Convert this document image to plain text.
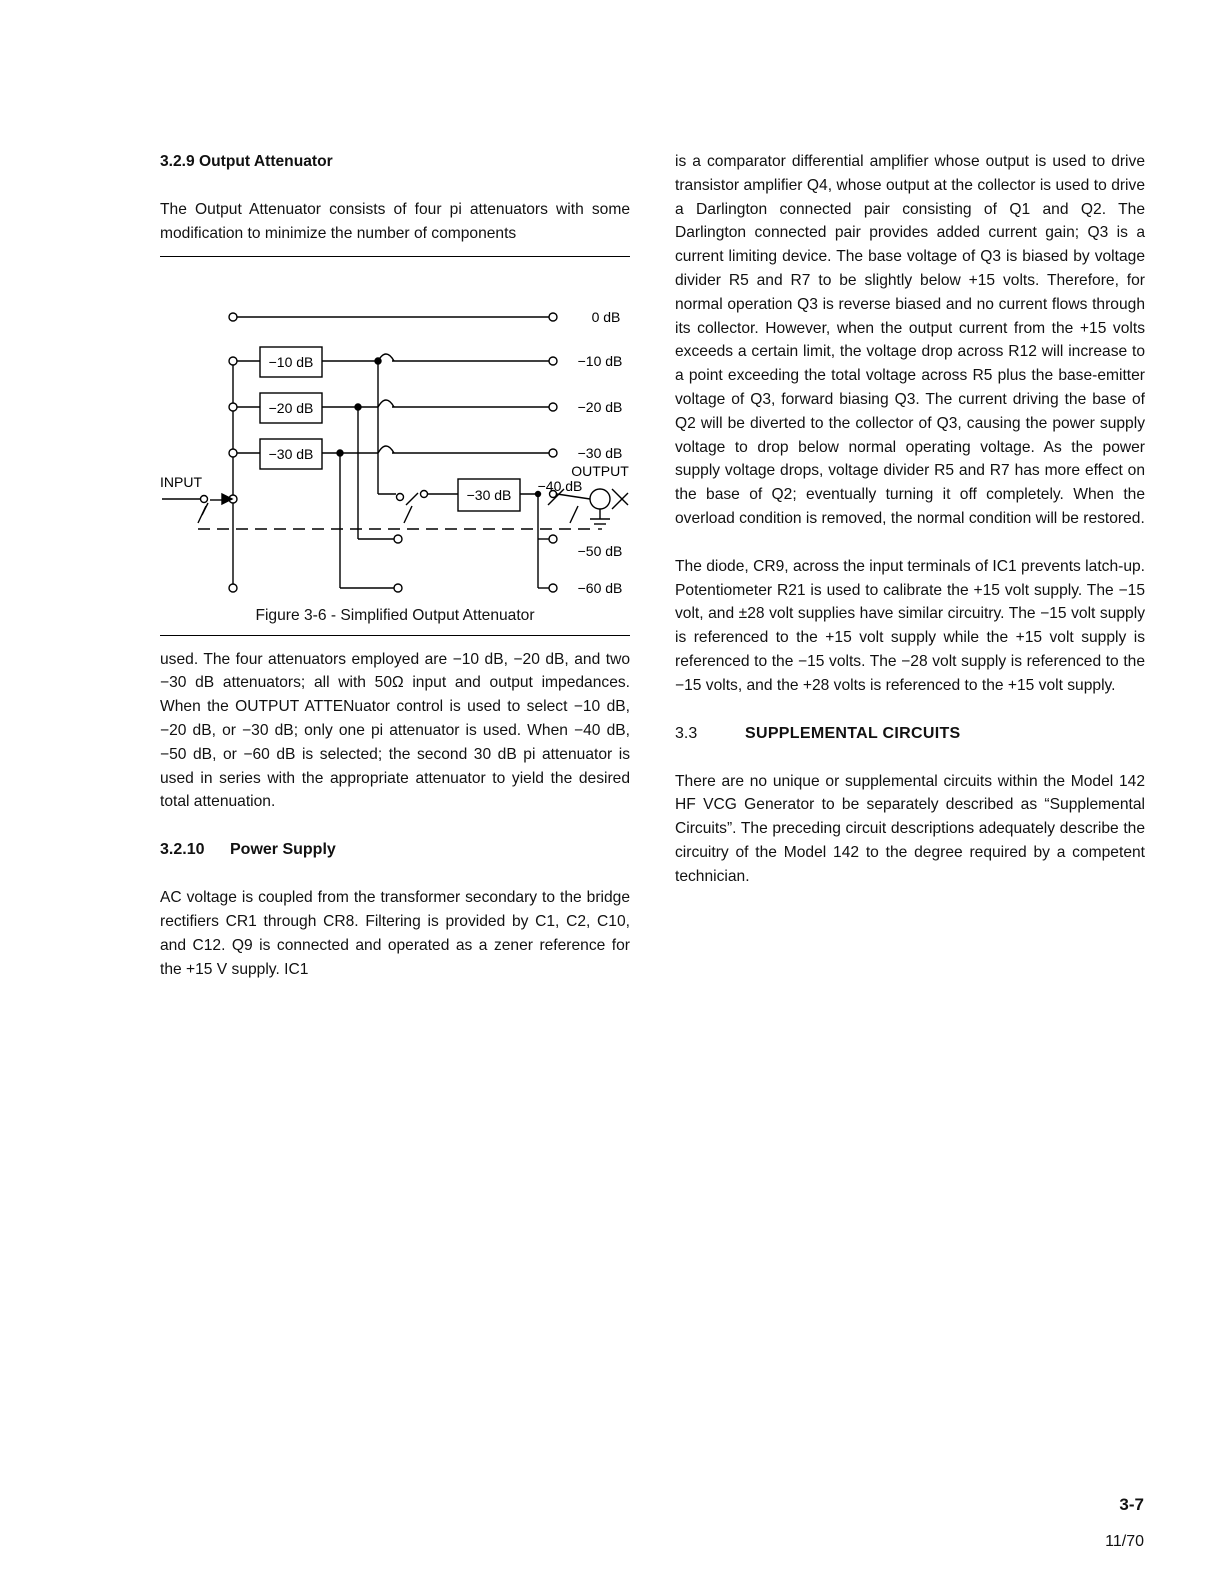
3.2.9 Output Attenuator

The Output Attenuator consists of four pi attenuators with some modification to minimize the number of components

0 dB
−10 dB
−20 dB
−30 dB
OUTPUT
−40 dB
−50 dB
−60 dB
INPUT
−10 dB
−20 dB
−30 dB
−30 dB
Figure 3-6 - Simplified Output Attenuator

used. The four attenuators employed are −10 dB, −20 dB, and two −30 dB attenuators; all with 50Ω input and output impedances. When the OUTPUT ATTENuator control is used to select −10 dB, −20 dB, or −30 dB; only one pi attenuator is used. When −40 dB, −50 dB, or −60 dB is selected; the second 30 dB pi attenuator is used in series with the appropriate attenuator to yield the desired total attenuation.

3.2.10	Power Supply

AC voltage is coupled from the transformer secondary to the bridge rectifiers CR1 through CR8. Filtering is provided by C1, C2, C10, and C12. Q9 is connected and operated as a zener reference for the +15 V supply. IC1

is a comparator differential amplifier whose output is used to drive transistor amplifier Q4, whose output at the collector is used to drive a Darlington connected pair consisting of Q1 and Q2. The Darlington connected pair provides added current gain; Q3 is a current limiting device. The base voltage of Q3 is biased by voltage divider R5 and R7 to be slightly below +15 volts. Therefore, for normal operation Q3 is reverse biased and no current flows through its collector. However, when the output current from the +15 volts exceeds a certain limit, the voltage drop across R12 will increase to a point exceeding the total voltage across R5 plus the base-emitter voltage of Q3, forward biasing Q3. The current driving the base of Q2 will be diverted to the collector of Q3, causing the power supply voltage to drop below normal operating voltage. As the power supply voltage drops, voltage divider R5 and R7 has more effect on the base of Q2; eventually turning it off completely. When the overload condition is removed, the normal condition will be restored.

The diode, CR9, across the input terminals of IC1 prevents latch-up. Potentiometer R21 is used to calibrate the +15 volt supply. The −15 volt, and ±28 volt supplies have similar circuitry. The −15 volt supply is referenced to the +15 volt supply while the +15 volt supply is referenced to the −15 volts. The −28 volt supply is referenced to the −15 volts, and the +28 volts is referenced to the +15 volt supply.

3.3	SUPPLEMENTAL CIRCUITS

There are no unique or supplemental circuits within the Model 142 HF VCG Generator to be separately described as “Supplemental Circuits”. The preceding circuit descriptions adequately describe the circuitry of the Model 142 to the degree required by a competent technician.

3-7
11/70
